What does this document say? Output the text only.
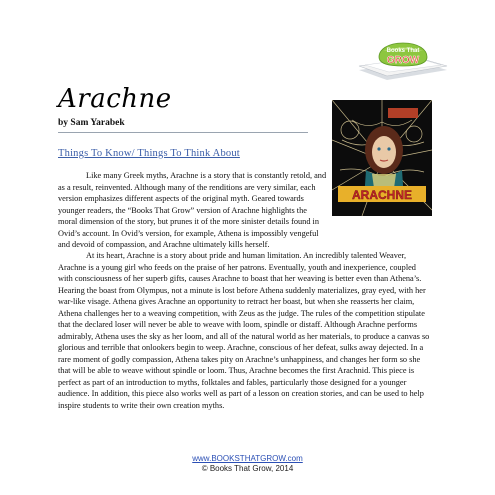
Books That
GROW
Arachne
by Sam Yarabek
Things To Know/ Things To Think About
ARACHNE

Like many Greek myths, Arachne is a story that is constantly retold, and as a result, reinvented. Although many of the renditions are very similar, each version emphasizes different aspects of the original myth. Geared towards younger readers, the “Books That Grow” version of Arachne highlights the moral dimension of the story, but prunes it of the more sinister details found in Ovid’s account. In Ovid’s version, for example, Athena is impossibly vengeful and devoid of compassion, and Arachne ultimately kills herself.

At its heart, Arachne is a story about pride and human limitation. An incredibly talented Weaver, Arachne is a young girl who feeds on the praise of her patrons. Eventually, youth and inexperience, coupled with consciousness of her superb gifts, causes Arachne to boast that her weaving is better even than Athena’s. Hearing the boast from Olympus, not a minute is lost before Athena suddenly materializes, gray eyed, with her war-like visage. Athena gives Arachne an opportunity to retract her boast, but when she reasserts her claim, Athena challenges her to a weaving competition, with Zeus as the judge. The rules of the competition stipulate that the declared loser will never be able to weave with loom, spindle or distaff. Although Arachne performs admirably, Athena uses the sky as her loom, and all of the natural world as her materials, to produce a canvas so glorious and terrible that onlookers begin to weep. Arachne, conscious of her defeat, sulks away dejected. In a rare moment of godly compassion, Athena takes pity on Arachne’s unhappiness, and changes her form so she that will be able to weave without spindle or loom. Thus, Arachne becomes the first Arachnid. This piece is perfect as part of an introduction to myths, folktales and fables, particularly those designed for a younger audience. In addition, this piece also works well as part of a lesson on creation stories, and can be used to help inspire students to write their own creation myths.

www.BOOKSTHATGROW.com
© Books That Grow, 2014
